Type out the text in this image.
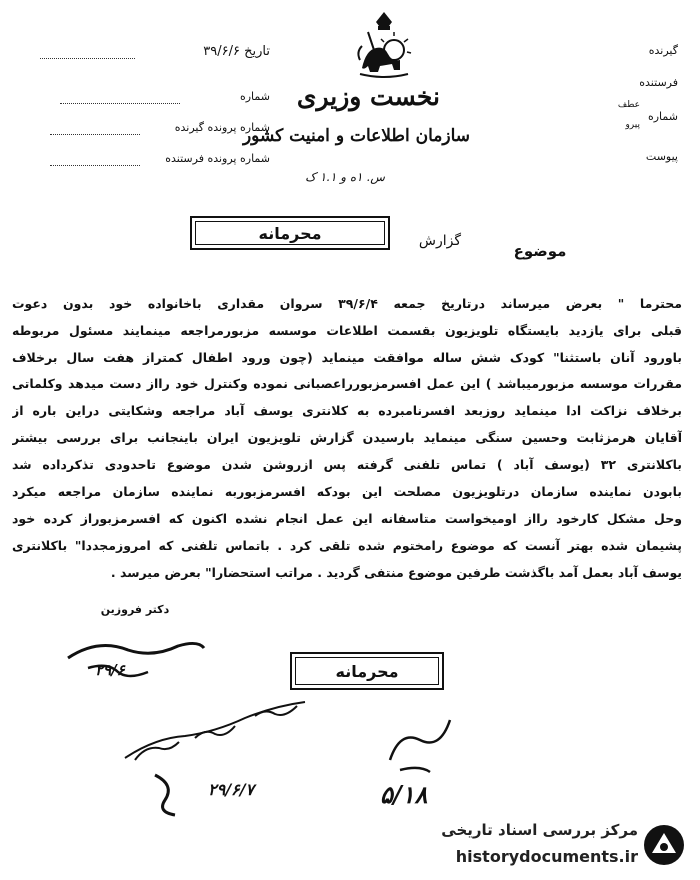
تاریخ ۳۹/۶/۶
شماره
شماره پرونده گیرنده
شماره پرونده فرستنده
نخست وزیری
سازمان اطلاعات و امنیت کشور
س. ۱ه و ۱.۱ ک
گیرنده
فرستنده
شماره
عطف
پیرو
پیوست
محرمانه	گزارش
موضوع
محترما " بعرض میرساند درتاریخ جمعه ۳۹/۶/۴ سروان مقداری باخانواده خود بدون دعوت
قبلی برای یازدید بایستگاه تلویزیون بقسمت اطلاعات موسسه مزبورمراجعه مینمایند مسئول مربوطه
باورود آنان باستثنا" کودک شش ساله موافقت مینماید (چون ورود اطفال کمتراز هفت سال برخلاف
مقررات موسسه مزبورمیباشد ) این عمل افسرمزبورراعصبانی نموده وکنترل خود رااز دست میدهد وکلماتی
برخلاف نزاکت ادا مینماید روزبعد افسرنامبرده به کلانتری یوسف آباد مراجعه وشکایتی دراین باره از
آقایان هرمزثابت وحسین سنگی مینماید بارسیدن گزارش تلویزیون ایران باینجانب برای بررسی بیشتر
باکلانتری ۳۲ (یوسف آباد ) تماس تلفنی گرفته پس ازروشن شدن موضوع تاحدودی تذکرداده شد
بابودن نماینده سازمان درتلویزیون مصلحت این بودکه افسرمزبوربه نماینده سازمان مراجعه میکرد
وحل مشکل کارخود رااز اومیخواست متاسفانه این عمل انجام نشده اکنون که افسرمزبوراز کرده خود
پشیمان شده بهتر آنست که موضوع رامختوم شده تلقی کرد . باتماس تلفنی که امروزمجددا" باکلانتری
یوسف آباد بعمل آمد باگذشت طرفین موضوع منتفی گردید . مراتب استحضارا" بعرض میرسد .
دکتر فروزین
۲۹/۶	محرمانه
۲۹/۶/۷	۵/۱۸
مرکز بررسی اسناد تاریخی
historydocuments.ir
